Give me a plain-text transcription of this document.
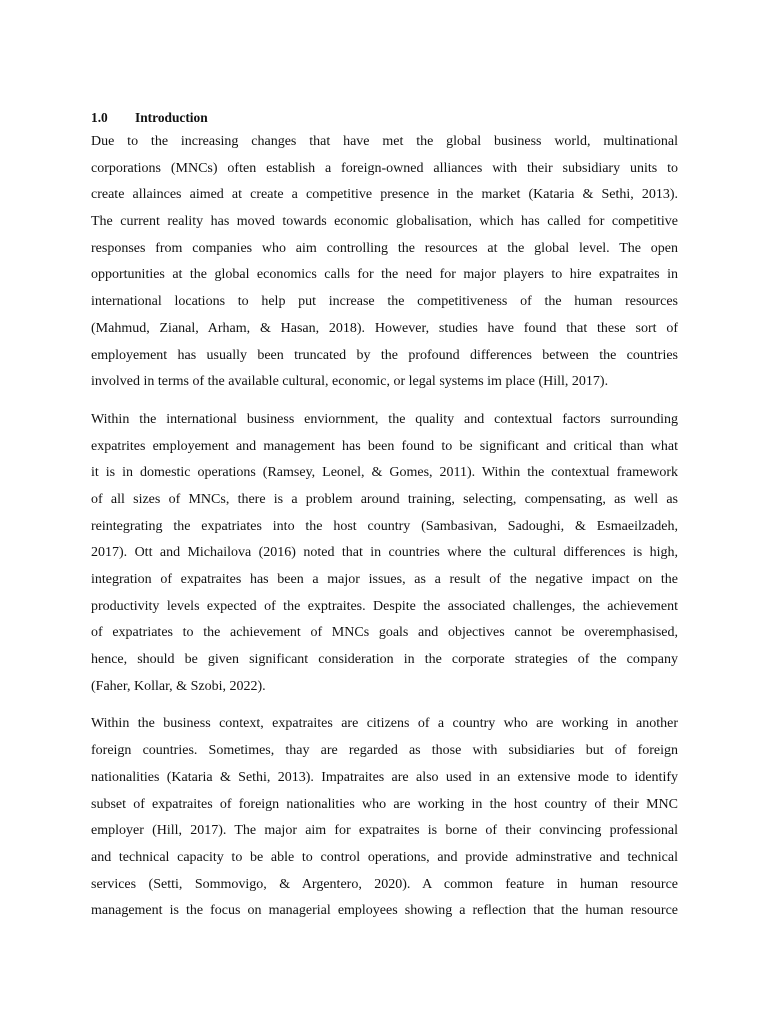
1.0 Introduction
Due to the increasing changes that have met the global business world, multinational
corporations (MNCs) often establish a foreign-owned alliances with their subsidiary units to
create allainces aimed at create a competitive presence in the market (Kataria & Sethi, 2013).
The current reality has moved towards economic globalisation, which has called for competitive
responses from companies who aim controlling the resources at the global level. The open
opportunities at the global economics calls for the need for major players to hire expatraites in
international locations to help put increase the competitiveness of the human resources
(Mahmud, Zianal, Arham, & Hasan, 2018). However, studies have found that these sort of
employement has usually been truncated by the profound differences between the countries
involved in terms of the available cultural, economic, or legal systems im place (Hill, 2017).
Within the international business enviornment, the quality and contextual factors surrounding
expatrites employement and management has been found to be significant and critical than what
it is in domestic operations (Ramsey, Leonel, & Gomes, 2011). Within the contextual framework
of all sizes of MNCs, there is a problem around training, selecting, compensating, as well as
reintegrating the expatriates into the host country (Sambasivan, Sadoughi, & Esmaeilzadeh,
2017). Ott and Michailova (2016) noted that in countries where the cultural differences is high,
integration of expatraites has been a major issues, as a result of the negative impact on the
productivity levels expected of the exptraites. Despite the associated challenges, the achievement
of expatriates to the achievement of MNCs goals and objectives cannot be overemphasised,
hence, should be given significant consideration in the corporate strategies of the company
(Faher, Kollar, & Szobi, 2022).
Within the business context, expatraites are citizens of a country who are working in another
foreign countries. Sometimes, thay are regarded as those with subsidiaries but of foreign
nationalities (Kataria & Sethi, 2013). Impatraites are also used in an extensive mode to identify
subset of expatraites of foreign nationalities who are working in the host country of their MNC
employer (Hill, 2017). The major aim for expatraites is borne of their convincing professional
and technical capacity to be able to control operations, and provide adminstrative and technical
services (Setti, Sommovigo, & Argentero, 2020). A common feature in human resource
management is the focus on managerial employees showing a reflection that the human resource
